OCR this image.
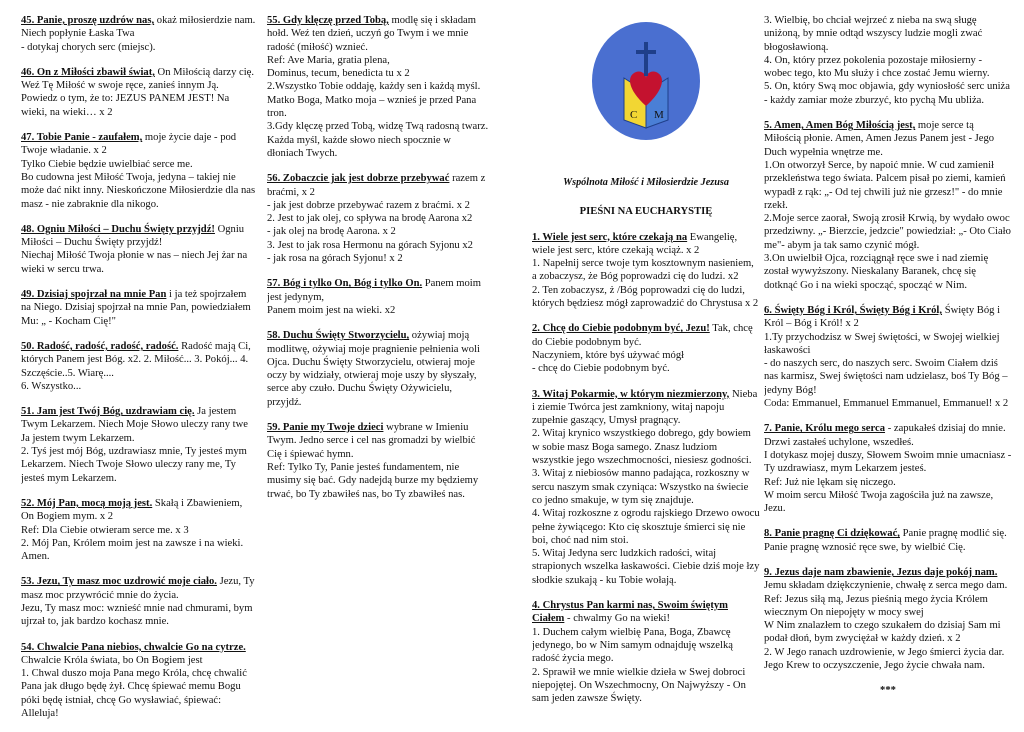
45. Panie, proszę uzdrów nas, okaż miłosierdzie nam. Niech popłynie Łaska Twa
- dotykaj chorych serc (miejsc).
46. On z Miłości zbawił świat, On Miłością darzy cię. Weź Tę Miłość w swoje ręce, zanieś innym Ją. Powiedz o tym, że to: JEZUS PANEM JEST! Na wieki, na wieki… x 2
47. Tobie Panie - zaufałem, moje życie daje - pod Twoje władanie. x 2
Tylko Ciebie będzie uwielbiać serce me.
Bo cudowna jest Miłość Twoja, jedyna – takiej nie może dać nikt inny. Nieskończone Miłosierdzie dla nas masz - nie zabraknie dla nikogo.
48. Ogniu Miłości – Duchu Święty przyjdź! Ogniu Miłości – Duchu Święty przyjdź!
Niechaj Miłość Twoja płonie w nas – niech Jej żar na wieki w sercu trwa.
49. Dzisiaj spojrzał na mnie Pan i ja też spojrzałem na Niego. Dzisiaj spojrzał na mnie Pan, powiedziałem Mu: „ - Kocham Cię!"
50. Radość, radość, radość, radość. Radość mają Ci, których Panem jest Bóg. x2. 2. Miłość... 3. Pokój... 4. Szczęście..5. Wiarę....
6. Wszystko...
51. Jam jest Twój Bóg, uzdrawiam cię. Ja jestem Twym Lekarzem. Niech Moje Słowo uleczy rany twe Ja jestem twym Lekarzem.
2. Tyś jest mój Bóg, uzdrawiasz mnie, Ty jesteś mym Lekarzem. Niech Twoje Słowo uleczy rany me, Ty jesteś mym Lekarzem.
52. Mój Pan, mocą moją jest. Skałą i Zbawieniem, On Bogiem mym. x 2
Ref: Dla Ciebie otwieram serce me. x 3
2. Mój Pan, Królem moim jest na zawsze i na wieki. Amen.
53. Jezu, Ty masz moc uzdrowić moje ciało. Jezu, Ty masz moc przywrócić mnie do życia.
Jezu, Ty masz moc: wznieść mnie nad chmurami, bym ujrzał to, jak bardzo kochasz mnie.
54. Chwalcie Pana niebios, chwalcie Go na cytrze. Chwalcie Króla świata, bo On Bogiem jest
1. Chwal duszo moja Pana mego Króla, chcę chwalić Pana jak długo będę żył. Chcę śpiewać memu Bogu póki będę istniał, chcę Go wysławiać, śpiewać: Alleluja!
55. Gdy klęczę przed Tobą, modlę się i składam hołd. Weź ten dzień, uczyń go Twym i we mnie radość (miłość) wznieć.
Ref: Ave Maria, gratia plena,
Dominus, tecum, benedicta tu x 2
2.Wszystko Tobie oddaję, każdy sen i każdą myśl. Matko Boga, Matko moja – wznieś je przed Pana tron.
3.Gdy klęczę przed Tobą, widzę Twą radosną twarz. Każda myśl, każde słowo niech spocznie w dłoniach Twych.
56. Zobaczcie jak jest dobrze przebywać razem z braćmi, x 2
- jak jest dobrze przebywać razem z braćmi. x 2
2. Jest to jak olej, co spływa na brodę Aarona x2
- jak olej na brodę Aarona. x 2
3. Jest to jak rosa Hermonu na górach Syjonu x2
- jak rosa na górach Syjonu! x 2
57. Bóg i tylko On, Bóg i tylko On. Panem moim jest jedynym,
Panem moim jest na wieki. x2
58. Duchu Święty Stworzycielu, ożywiaj moją modlitwę, ożywiaj moje pragnienie pełnienia woli Ojca. Duchu Święty Stworzycielu, otwieraj moje oczy by widziały, otwieraj moje uszy by słyszały, serce aby czuło. Duchu Święty Ożywicielu, przyjdź.
59. Panie my Twoje dzieci wybrane w Imieniu Twym. Jedno serce i cel nas gromadzi by wielbić Cię i śpiewać hymn.
Ref: Tylko Ty, Panie jesteś fundamentem, nie musimy się bać. Gdy nadejdą burze my będziemy trwać, bo Ty zbawiłeś nas, bo Ty zbawiłeś nas.
C M
Wspólnota Miłość i Miłosierdzie Jezusa
PIEŚNI NA EUCHARYSTIĘ
1. Wiele jest serc, które czekają na Ewangelię, wiele jest serc, które czekają wciąż. x 2
1. Napełnij serce twoje tym kosztownym nasieniem, a zobaczysz, że Bóg poprowadzi cię do ludzi. x2
2. Ten zobaczysz, ż /Bóg poprowadzi cię do ludzi, których będziesz mógł zaprowadzić do Chrystusa x 2
2. Chcę do Ciebie podobnym być, Jezu! Tak, chcę do Ciebie podobnym być.
Naczyniem, które byś używać mógł
- chcę do Ciebie podobnym być.
3. Witaj Pokarmie, w którym niezmierzony, Nieba i ziemie Twórca jest zamkniony, witaj napoju zupełnie gaszący, Umysł pragnący.
2. Witaj krynico wszystkiego dobrego, gdy bowiem w sobie masz Boga samego. Znasz ludziom wszystkie jego wszechmocności, niesiesz godności.
3. Witaj z niebiosów manno padająca, rozkoszny w sercu naszym smak czyniąca: Wszystko na świecie co jedno smakuje, w tym się znajduje.
4. Witaj rozkoszne z ogrodu rajskiego Drzewo owocu pełne żywiącego: Kto cię skosztuje śmierci się nie boi, choć nad nim stoi.
5. Witaj Jedyna serc ludzkich radości, witaj strapionych wszelka łaskawości. Ciebie dziś moje łzy słodkie szukają - ku Tobie wołają.
4. Chrystus Pan karmi nas, Swoim świętym Ciałem - chwalmy Go na wieki!
1. Duchem całym wielbię Pana, Boga, Zbawcę jedynego, bo w Nim samym odnajduję wszelką radość życia mego.
2. Sprawił we mnie wielkie dzieła w Swej dobroci niepojętej. On Wszechmocny, On Najwyższy - On sam jeden zawsze Święty.
3. Wielbię, bo chciał wejrzeć z nieba na swą sługę uniżoną, by mnie odtąd wszyscy ludzie mogli zwać błogosławioną.
4. On, który przez pokolenia pozostaje miłosierny - wobec tego, kto Mu służy i chce zostać Jemu wierny.
5. On, który Swą moc objawia, gdy wyniosłość serc uniża - każdy zamiar może zburzyć, kto pychą Mu ubliża.
5. Amen, Amen Bóg Miłością jest, moje serce tą Miłością płonie. Amen, Amen Jezus Panem jest - Jego Duch wypełnia wnętrze me.
1.On otworzył Serce, by napoić mnie. W cud zamienił przekleństwa tego świata. Palcem pisał po ziemi, kamień wypadł z rąk: „- Od tej chwili już nie grzesz!" - do mnie rzekł.
2.Moje serce zaorał, Swoją zrosił Krwią, by wydało owoc przedziwny. „- Bierzcie, jedzcie" powiedział: „- Oto Ciało me"- abym ja tak samo czynić mógł.
3.On uwielbił Ojca, rozciągnął ręce swe i nad ziemię został wywyższony. Nieskalany Baranek, chcę się dotknąć Go i na wieki spocząć, spocząć w Nim.
6. Święty Bóg i Król, Święty Bóg i Król, Święty Bóg i Król – Bóg i Król! x 2
1.Ty przychodzisz w Swej świętości, w Swojej wielkiej łaskawości
- do naszych serc, do naszych serc. Swoim Ciałem dziś nas karmisz, Swej świętości nam udzielasz, boś Ty Bóg – jedyny Bóg!
Coda: Emmanuel, Emmanuel Emmanuel, Emmanuel! x 2
7. Panie, Królu mego serca - zapukałeś dzisiaj do mnie. Drzwi zastałeś uchylone, wszedłeś.
I dotykasz mojej duszy, Słowem Swoim mnie umacniasz - Ty uzdrawiasz, mym Lekarzem jesteś.
Ref: Już nie lękam się niczego.
W moim sercu Miłość Twoja zagościła już na zawsze, Jezu.
8. Panie pragnę Ci dziękować, Panie pragnę modlić się. Panie pragnę wznosić ręce swe, by wielbić Cię.
9. Jezus daje nam zbawienie, Jezus daje pokój nam. Jemu składam dziękczynienie, chwałę z serca mego dam.
Ref: Jezus siłą mą, Jezus pieśnią mego życia Królem wiecznym On niepojęty w mocy swej
W Nim znalazłem to czego szukałem do dzisiaj Sam mi podał dłoń, bym zwyciężał w każdy dzień. x 2
2. W Jego ranach uzdrowienie, w Jego śmierci życia dar. Jego Krew to oczyszczenie, Jego życie chwała nam.
***
